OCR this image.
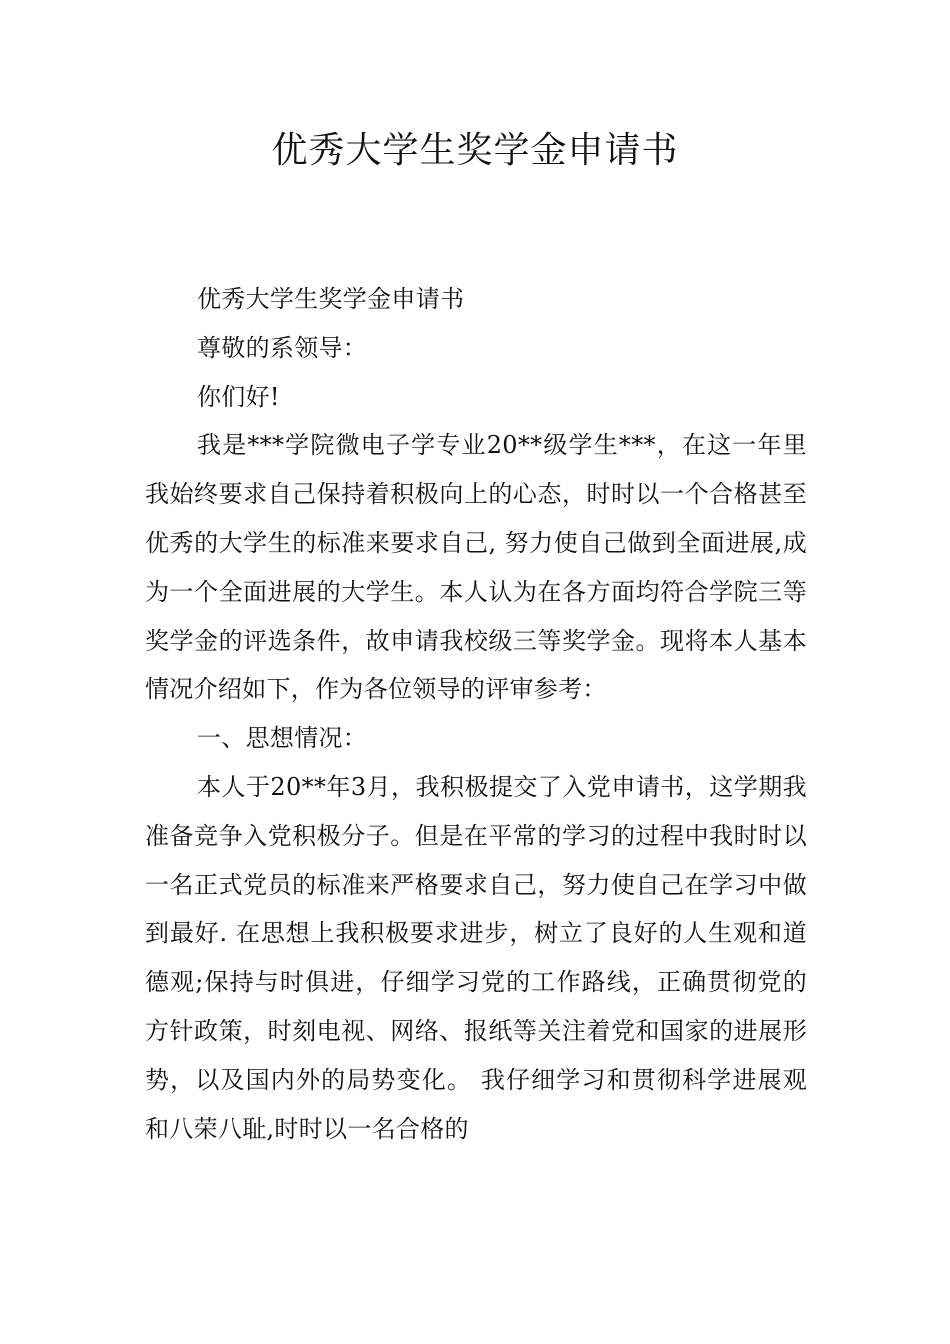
优秀大学生奖学金申请书

优秀大学生奖学金申请书

尊敬的系领导：

你们好!

我是***学院微电子学专业20**级学生***，在这一年里我始终要求自己保持着积极向上的心态，时时以一个合格甚至优秀的大学生的标准来要求自己, 努力使自己做到全面进展,成为一个全面进展的大学生。本人认为在各方面均符合学院三等奖学金的评选条件，故申请我校级三等奖学金。现将本人基本情况介绍如下，作为各位领导的评审参考：

一、思想情况：

本人于20**年3月，我积极提交了入党申请书，这学期我准备竞争入党积极分子。但是在平常的学习的过程中我时时以一名正式党员的标准来严格要求自己，努力使自己在学习中做到最好. 在思想上我积极要求进步，树立了良好的人生观和道德观;保持与时俱进，仔细学习党的工作路线，正确贯彻党的方针政策，时刻电视、网络、报纸等关注着党和国家的进展形势，以及国内外的局势变化。 我仔细学习和贯彻科学进展观和八荣八耻,时时以一名合格的
